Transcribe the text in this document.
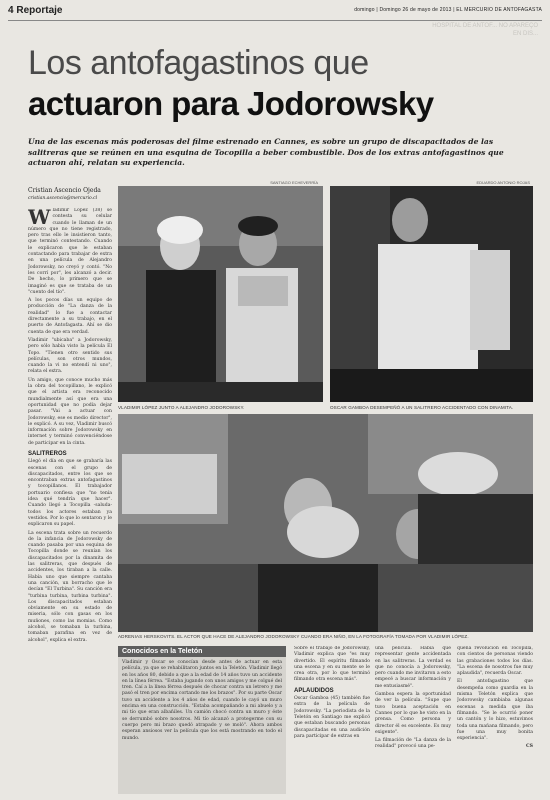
4 Reportaje	domingo | Domingo 26 de mayo de 2013 | EL MERCURIO DE ANTOFAGASTA
HOSPITAL DE ANTOF... NO APAREÇO EN DIS...
Los antofagastinos que
actuaron para Jodorowsky
Una de las escenas más poderosas del filme estrenado en Cannes, es sobre un grupo de discapacitados de las salitreras que se reúnen en una esquina de Tocopilla a beber combustible. Dos de los extras antofagastinos que actuaron ahí, relatan su experiencia.
Cristian Ascencio Ojeda
cristian.ascencio@mercurio.cl

Wladimir López (38) se contesta su celular cuando le llaman de un número que no tiene registrado, pero tras ello le insistieron tanto, que terminó contestando. Cuando le explicaron que le estaban contactando para trabajar de extra en una película de Alejandro Jodorowsky, no creyó y contó. "No les corrí por", les alcanzó a decir. De hecho, lo primero que se imaginó es que se trataba de un "cuento del tío".

A los pocos días un equipo de producción de "La danza de la realidad" lo fue a contactar directamente a su trabajo, en el puerto de Antofagasta. Ahí se dio cuenta de que era verdad.

Vladimir "ubicaba" a Jodorowsky, pero sólo había visto la película El Topo. "Tienen otro sentido sus películas, son otros mundos, cuando la vi no entendí ni uno", relata el extra.

Un amigo, que conoce mucho más la obra del tocopillano, le explicó que el artista era reconocido mundialmente así que era una oportunidad que no podía dejar pasar. "Vai a actuar con Jodorowsky, ese es medio director", le explicó. A su vez, Vladimir buscó información sobre Jodorowsky en internet y terminó convenciéndose de participar en la cinta.

SALITREROS

Llegó el día en que se grabaría las escenas con el grupo de discapacitados, entre los que se encontraban extras antofagastinos y tocopillanos. El trabajador portuario confiesa que "no tenía idea qué tendría que hacer". Cuando llegó a Tocopilla -saluda-todos los actores estaban ya vestidos. Por lo que lo sentaron y le explicaron su papel.

La escena trata sobre un recuerdo de la infancia de Jodorowsky de cuando pasaba por una esquina de Tocopilla donde se reunían los discapacitados por la dinamita de las salitreras, que después de accidentes, los tiraban a la calle. Había uno que siempre cantaba una canción, un borracho que le decían "El Turbina". Su canción era "turbina turbina, turbina turbina". Los discapacitados estaban obviamente en su estado de miseria, sólo con gasas en los muñones, como las momias. Como alcohol, se tomaban la turbina, tomaban parafina en vez de alcohol", explica el extra.

SANTIAGO ECHEVERRÍA
VLADIMIR LÓPEZ JUNTO A ALEJANDRO JODOROWSKY.
EDUARDO ANTONIO ROJAS
OSCAR GAMBOA DESEMPEÑÓ A UN SALITRERO ACCIDENTADO CON DINAMITA.
ADRENIAS HERSKOVITS. EL ACTOR QUE HACE DE ALEJANDRO JODOROWSKY CUANDO ERA NIÑO, EN LA FOTOGRAFÍA TOMADA POR VLADIMIR LÓPEZ.
Conocidos en la Teletón
Vladimir y Oscar se conocían desde antes de actuar en esta película, ya que se rehabilitaron juntos en la Teletón. Vladimir llegó en los años 80, debido a que a la edad de 14 años tuvo un accidente en la línea férrea. "Estaba jugando con unos amigos y me colgué del tren. Caí a la línea férrea después de chocar contra un letrero y me pasó el tren por encima cortando me los brazos". Por su parte Oscar tuvo un accidente a los 4 años de edad, cuando le cayó un muro encima en una construcción. "Estaba acompañando a mi abuelo y a mi tío que eran albañiles. Un camión chocó contra un muro y éste se derrumbó sobre nosotros. Mi tío alcanzó a protegerme con su cuerpo pero mi brazo quedó atrapado y se moló". Ahora ambos esperan ansiosos ver la película que los está mostrando en todo el mundo.

Sobre el trabajo de Jodorowsky, Vladimir explica que "es muy divertido. El espíritu filmando una escena y en su mente se le crea otra, por lo que terminó filmando otra escena más".

APLAUDIDOS

Oscar Gamboa (45) también fue extra de la película de Jodorowsky. "La periodista de la Teletón en Santiago me explicó que estaban buscando personas discapacitadas en una audición para participar de extras en

una película. Había que representar gente accidentada en las salitreras. La verdad es que no conocía a Jodorowsky, pero cuando me invitaron a esto empecé a buscar información y me entusiasmé".

Gamboa espera la oportunidad de ver la película. "Supe que tuvo buena aceptación en Cannes por lo que he visto en la prensa. Como persona y director él es excelente. Es muy exigente".

La filmación de "La danza de la realidad" provocó una pe-

queña revolución en Tocopilla, con cientos de personas viendo las grabaciones todos los días. "La escena de nosotros fue muy aplaudida", recuerda Oscar.

El antofagastino que desempeña como guardia en la misma Teletón explica que Jodorowsky cambiaba algunas escenas a medida que iba filmando. "Se le ocurrió poner un cantón y lo hizo, estuvimos toda una mañana filmando, pero fue una muy bonita experiencia".

CS
